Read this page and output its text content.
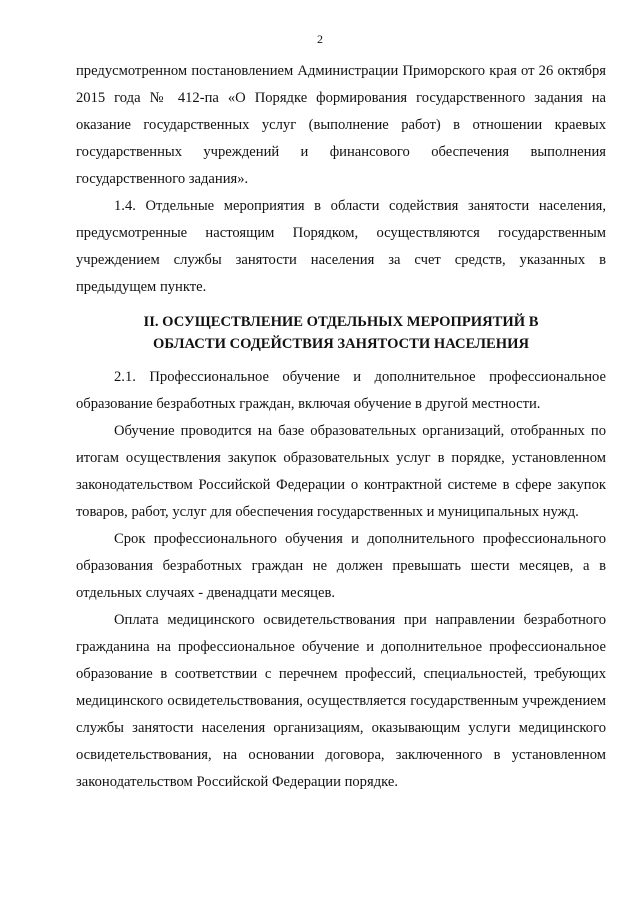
2

предусмотренном постановлением Администрации Приморского края от 26 октября 2015 года № 412-па «О Порядке формирования государственного задания на оказание государственных услуг (выполнение работ) в отношении краевых государственных учреждений и финансового обеспечения выполнения государственного задания».

1.4. Отдельные мероприятия в области содействия занятости населения, предусмотренные настоящим Порядком, осуществляются государственным учреждением службы занятости населения за счет средств, указанных в предыдущем пункте.

II. ОСУЩЕСТВЛЕНИЕ ОТДЕЛЬНЫХ МЕРОПРИЯТИЙ В
ОБЛАСТИ СОДЕЙСТВИЯ ЗАНЯТОСТИ НАСЕЛЕНИЯ

2.1. Профессиональное обучение и дополнительное профессиональное образование безработных граждан, включая обучение в другой местности.

Обучение проводится на базе образовательных организаций, отобранных по итогам осуществления закупок образовательных услуг в порядке, установленном законодательством Российской Федерации о контрактной системе в сфере закупок товаров, работ, услуг для обеспечения государственных и муниципальных нужд.

Срок профессионального обучения и дополнительного профессионального образования безработных граждан не должен превышать шести месяцев, а в отдельных случаях - двенадцати месяцев.

Оплата медицинского освидетельствования при направлении безработного гражданина на профессиональное обучение и дополнительное профессиональное образование в соответствии с перечнем профессий, специальностей, требующих медицинского освидетельствования, осуществляется государственным учреждением службы занятости населения организациям, оказывающим услуги медицинского освидетельствования, на основании договора, заключенного в установленном законодательством Российской Федерации порядке.
